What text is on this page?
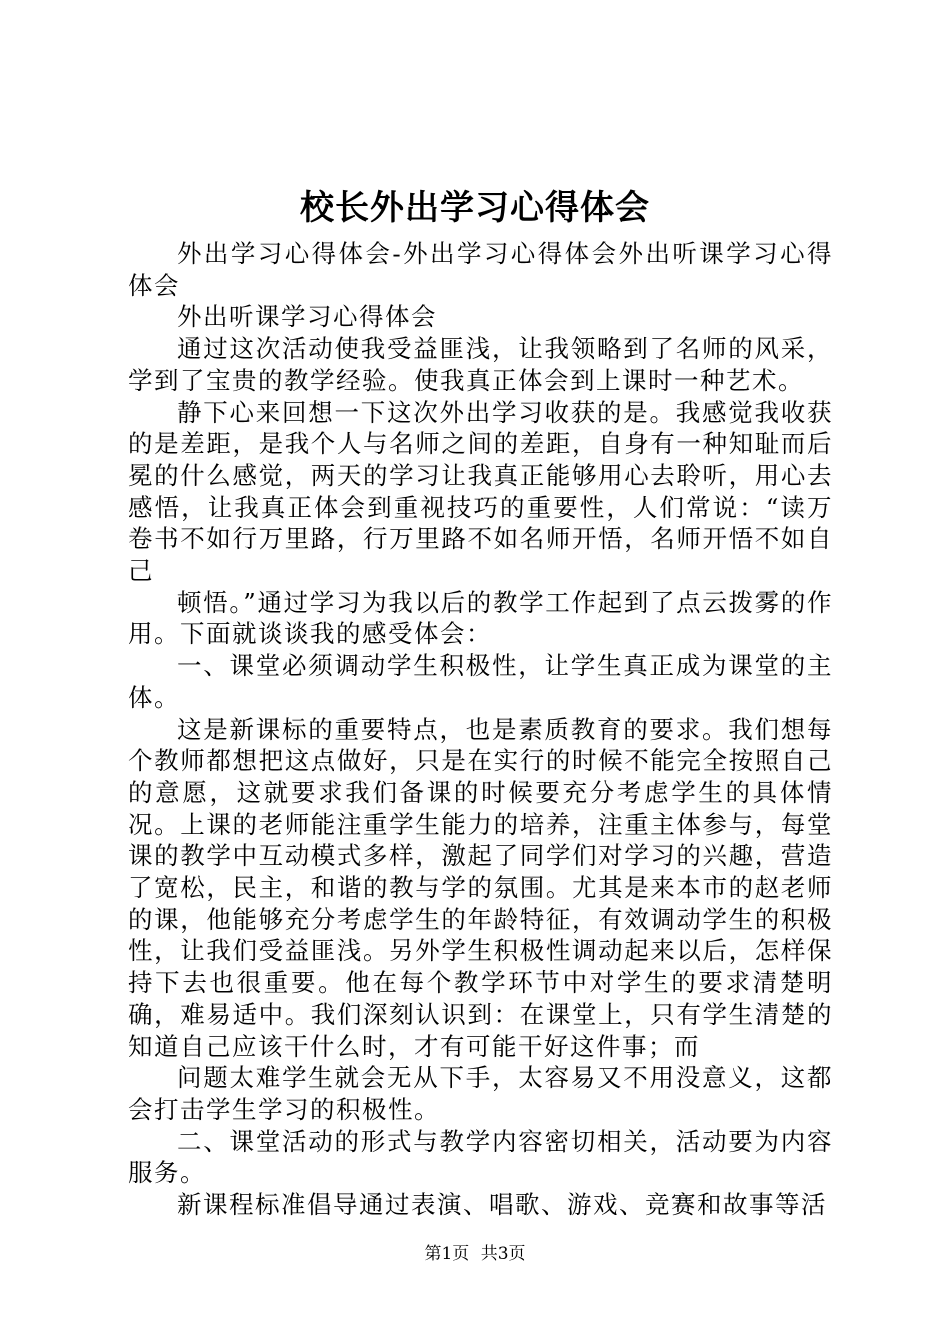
校长外出学习心得体会

外出学习心得体会-外出学习心得体会外出听课学习心得体会

外出听课学习心得体会

通过这次活动使我受益匪浅，让我领略到了名师的风采，学到了宝贵的教学经验。使我真正体会到上课时一种艺术。

静下心来回想一下这次外出学习收获的是。我感觉我收获的是差距，是我个人与名师之间的差距，自身有一种知耻而后冕的什么感觉，两天的学习让我真正能够用心去聆听，用心去感悟，让我真正体会到重视技巧的重要性，人们常说：“读万卷书不如行万里路，行万里路不如名师开悟，名师开悟不如自己

顿悟。”通过学习为我以后的教学工作起到了点云拨雾的作用。下面就谈谈我的感受体会：

一、课堂必须调动学生积极性，让学生真正成为课堂的主体。

这是新课标的重要特点，也是素质教育的要求。我们想每个教师都想把这点做好，只是在实行的时候不能完全按照自己的意愿，这就要求我们备课的时候要充分考虑学生的具体情况。上课的老师能注重学生能力的培养，注重主体参与，每堂课的教学中互动模式多样，激起了同学们对学习的兴趣，营造了宽松，民主，和谐的教与学的氛围。尤其是来本市的赵老师的课，他能够充分考虑学生的年龄特征，有效调动学生的积极性，让我们受益匪浅。另外学生积极性调动起来以后，怎样保持下去也很重要。他在每个教学环节中对学生的要求清楚明确，难易适中。我们深刻认识到：在课堂上，只有学生清楚的知道自己应该干什么时，才有可能干好这件事；而

问题太难学生就会无从下手，太容易又不用没意义，这都会打击学生学习的积极性。

二、课堂活动的形式与教学内容密切相关，活动要为内容服务。

新课程标准倡导通过表演、唱歌、游戏、竞赛和故事等活

第1页 共3页
